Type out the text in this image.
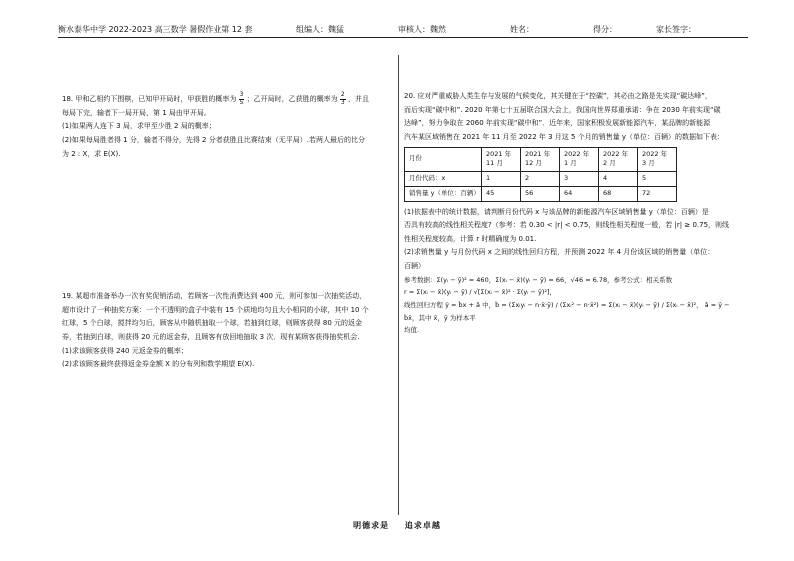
衡水泰华中学 2022-2023 高三数学 暑假作业第 12 套	组编人：魏猛	审核人：魏然	姓名：	得分：	家长签字：

18. 甲和乙相约下围棋，已知甲开局时，甲获胜的概率为 $\frac{3}{5}$ ；乙开局时，乙获胜的概率为 $\frac{2}{3}$ ，并且

每局下完，输者下一局开局，第 1 局由甲开局。

(1)如果两人连下 3 局，求甲至少胜 2 局的概率；

(2)如果每局胜者得 1 分，输者不得分，先得 2 分者获胜且比赛结束（无平局）.若两人最后的比分

为 2 : X，求 E(X).

19. 某超市准备举办一次有奖促销活动，若顾客一次性消费达到 400 元，则可参加一次抽奖活动，

超市设计了一种抽奖方案：一个不透明的盒子中装有 15 个质地均匀且大小相同的小球，其中 10 个

红球，5 个白球，搅拌均匀后，顾客从中随机抽取一个球，若抽到红球，则顾客获得 80 元的返金

券，若抽到白球，则获得 20 元的返金券，且顾客有放回地抽取 3 次．现有某顾客获得抽奖机会.

(1)求该顾客获得 240 元返金券的概率；

(2)求该顾客最终获得返金券金额 X 的分布列和数学期望 E(X).

20. 应对严重威胁人类生存与发展的气候变化，其关键在于“控碳”，其必由之路是先实现“碳达峰”，

而后实现“碳中和”. 2020 年第七十五届联合国大会上，我国向世界郑重承诺：争在 2030 年前实现“碳

达峰”，努力争取在 2060 年前实现“碳中和”．近年来，国家积极发展新能源汽车，某品牌的新能源

汽车某区域销售在 2021 年 11 月至 2022 年 3 月这 5 个月的销售量 y（单位：百辆）的数据如下表：

月份	2021 年 11 月	2021 年 12 月	2022 年 1 月	2022 年 2 月	2022 年 3 月
月份代码：x	1	2	3	4	5
销售量 y（单位：百辆）	45	56	64	68	72

(1)依据表中的统计数据，请判断月份代码 x 与该品牌的新能源汽车区域销售量 y（单位：百辆）是

否具有较高的线性相关程度?（参考：若 0.30 < |r| < 0.75，则线性相关程度一般，若 |r| ≥ 0.75，则线

性相关程度较高，计算 r 时精确度为 0.01.

(2)求销售量 y 与月份代码 x 之间的线性回归方程，并预测 2022 年 4 月份该区域的销售量（单位：

百辆）

参考数据：Σ(yᵢ − ȳ)² = 460，Σ(xᵢ − x̄)(yᵢ − ȳ) = 66，√46 ≈ 6.78，参考公式：相关系数

r = Σ(xᵢ − x̄)(yᵢ − ȳ) / √[Σ(xᵢ − x̄)² · Σ(yᵢ − ȳ)²]，

线性回归方程 ŷ = b̂x + â 中，b̂ = (Σxᵢyᵢ − n·x̄·ȳ) / (Σxᵢ² − n·x̄²) = Σ(xᵢ − x̄)(yᵢ − ȳ) / Σ(xᵢ − x̄)²， â = ȳ − b̂x̄，其中 x̄，ȳ 为样本平

均值.

明德求是 追求卓越
